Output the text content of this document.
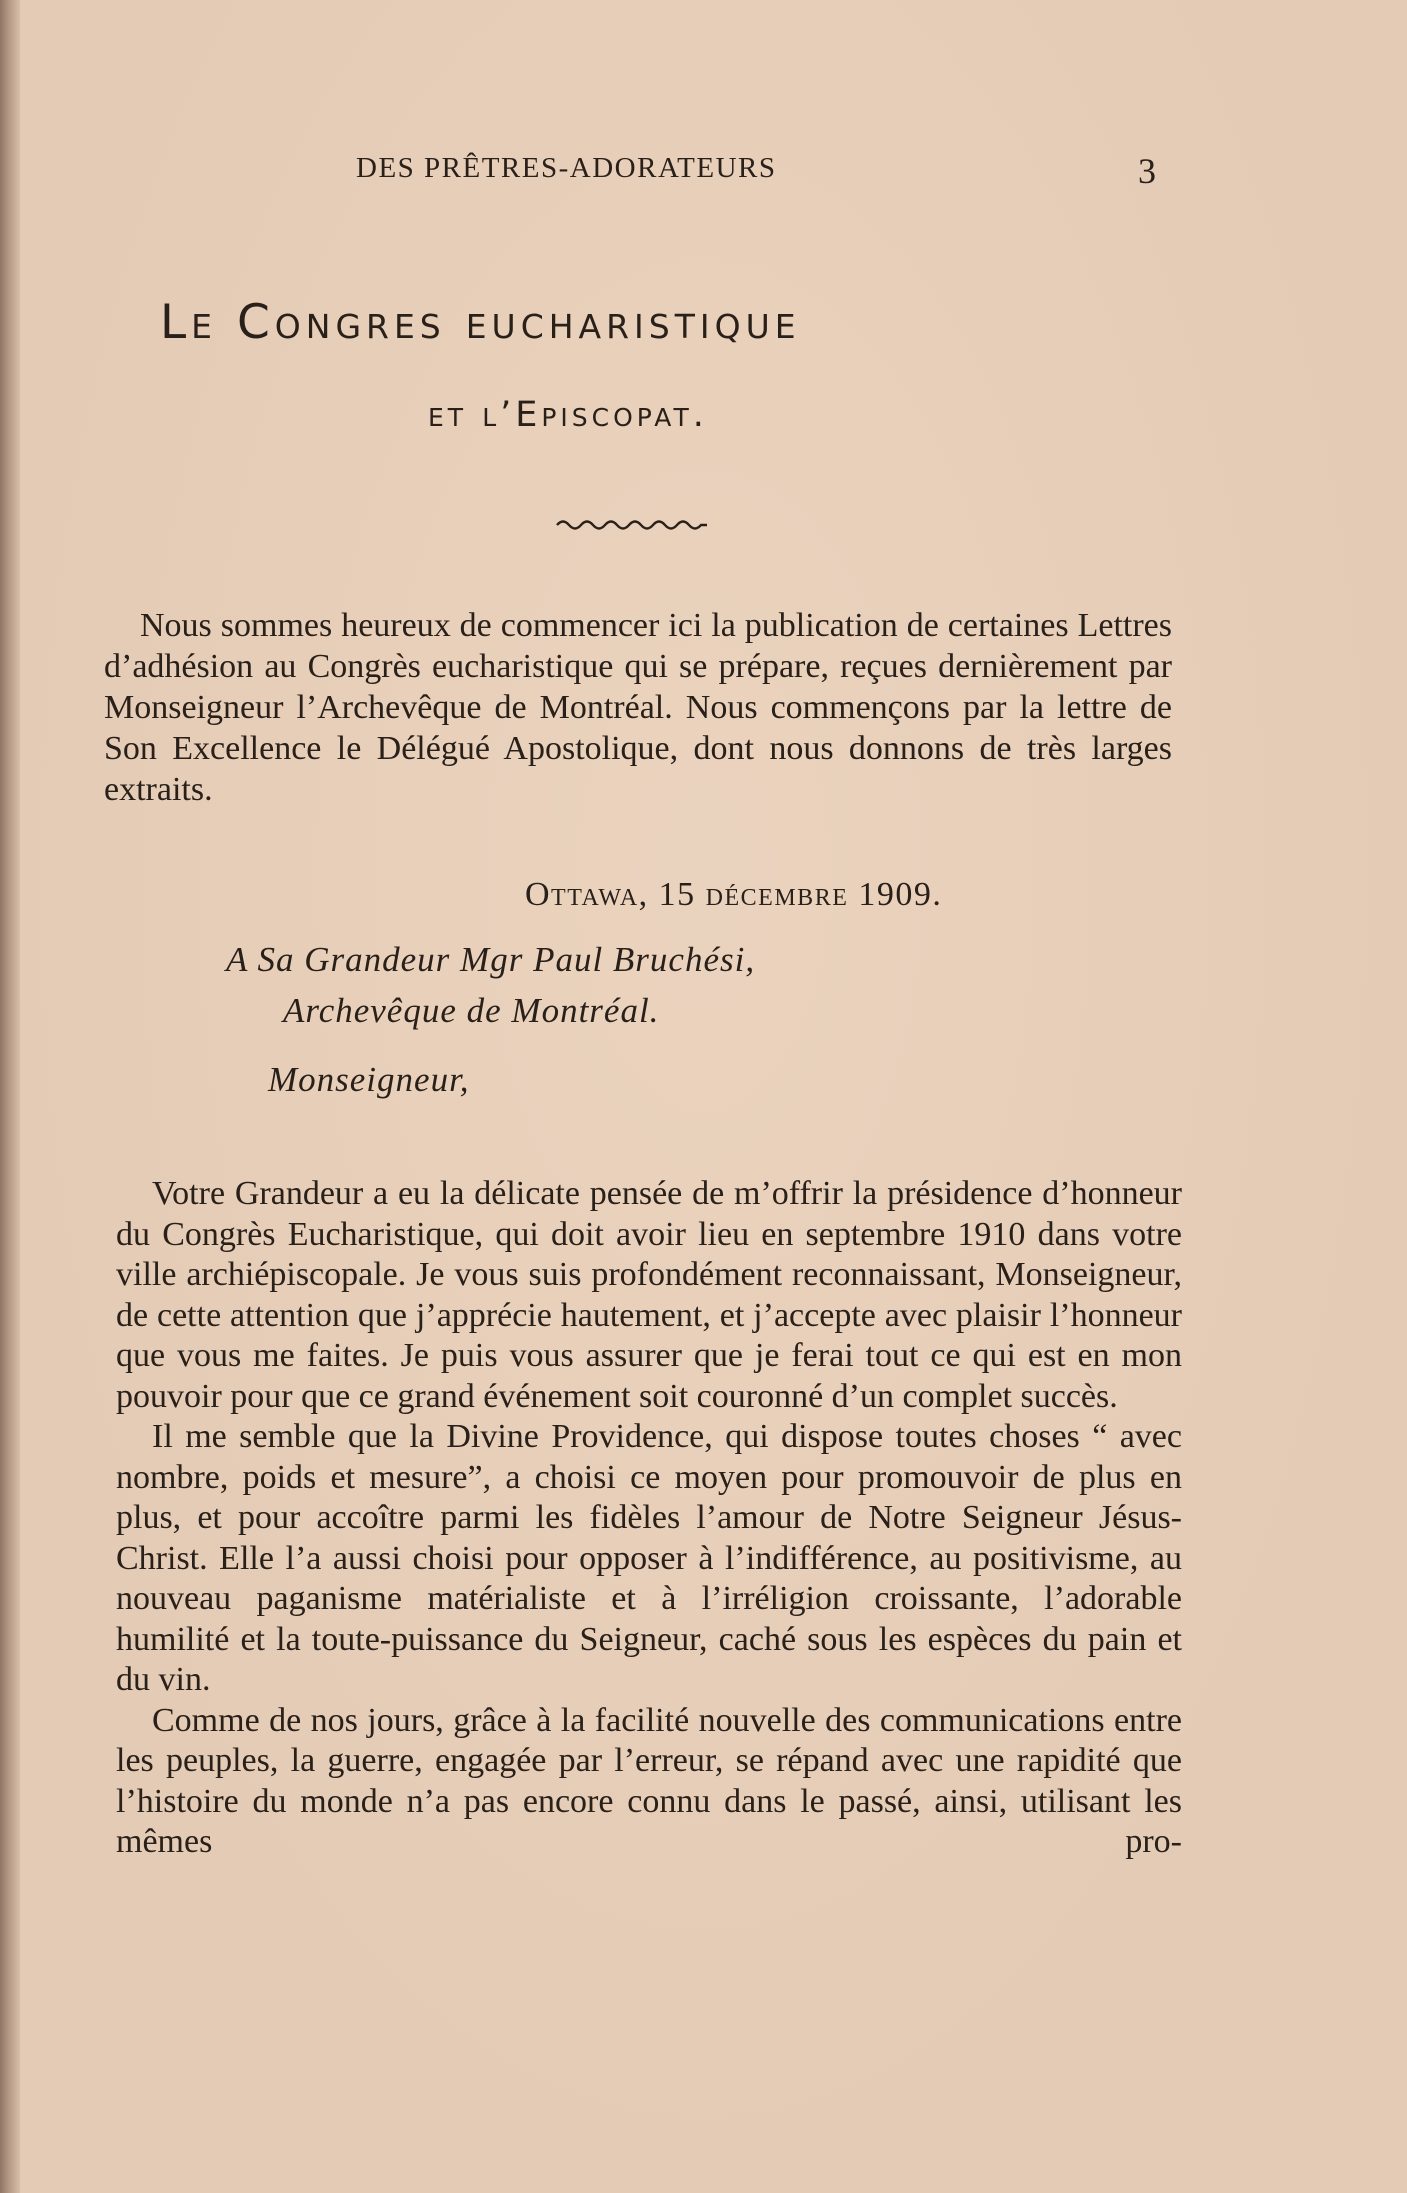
DES PRÊTRES-ADORATEURS	3
Le Congres eucharistique
et l’Episcopat.
Nous sommes heureux de commencer ici la publication de certaines Lettres d’adhésion au Congrès eucharistique qui se prépare, reçues dernièrement par Monseigneur l’Archevêque de Montréal. Nous commençons par la lettre de Son Excellence le Délégué Apostolique, dont nous donnons de très larges extraits.
Ottawa, 15 décembre 1909.
A Sa Grandeur Mgr Paul Bruchési,
Archevêque de Montréal.
Monseigneur,

Votre Grandeur a eu la délicate pensée de m’offrir la présidence d’honneur du Congrès Eucharistique, qui doit avoir lieu en septembre 1910 dans votre ville archiépiscopale. Je vous suis profondément reconnaissant, Monseigneur, de cette attention que j’apprécie hautement, et j’accepte avec plaisir l’honneur que vous me faites. Je puis vous assurer que je ferai tout ce qui est en mon pouvoir pour que ce grand événement soit couronné d’un complet succès.

Il me semble que la Divine Providence, qui dispose toutes choses “ avec nombre, poids et mesure”, a choisi ce moyen pour promouvoir de plus en plus, et pour accoître parmi les fidèles l’amour de Notre Seigneur Jésus-Christ. Elle l’a aussi choisi pour opposer à l’indifférence, au positivisme, au nouveau paganisme matérialiste et à l’irréligion croissante, l’adorable humilité et la toute-puissance du Seigneur, caché sous les espèces du pain et du vin.

Comme de nos jours, grâce à la facilité nouvelle des communications entre les peuples, la guerre, engagée par l’erreur, se répand avec une rapidité que l’histoire du monde n’a pas encore connu dans le passé, ainsi, utilisant les mêmes pro-
